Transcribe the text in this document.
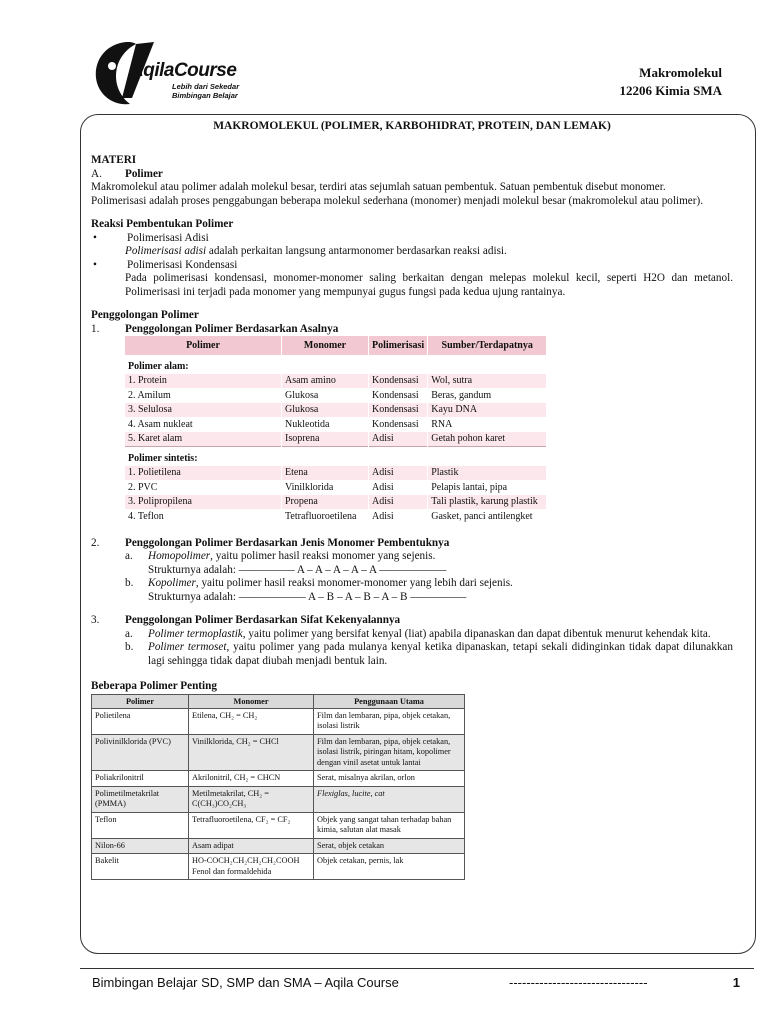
AqilaCourse
Lebih dari Sekedar
Bimbingan Belajar
Makromolekul
12206 Kimia SMA
MAKROMOLEKUL (POLIMER, KARBOHIDRAT, PROTEIN, DAN LEMAK)

MATERI

A.	Polimer

Makromolekul atau polimer adalah molekul besar, terdiri atas sejumlah satuan pembentuk. Satuan pembentuk disebut monomer.

Polimerisasi adalah proses penggabungan beberapa molekul sederhana (monomer) menjadi molekul besar (makromolekul atau polimer).

Reaksi Pembentukan Polimer

•	Polimerisasi Adisi

Polimerisasi adisi adalah perkaitan langsung antarmonomer berdasarkan reaksi adisi.

•	Polimerisasi Kondensasi

Pada polimerisasi kondensasi, monomer-monomer saling berkaitan dengan melepas molekul kecil, seperti H2O dan metanol. Polimerisasi ini terjadi pada monomer yang mempunyai gugus fungsi pada kedua ujung rantainya.

Penggolongan Polimer

1.	Penggolongan Polimer Berdasarkan Asalnya
Polimer	Monomer	Polimerisasi	Sumber/Terdapatnya
Polimer alam:			
1. Protein	Asam amino	Kondensasi	Wol, sutra
2. Amilum	Glukosa	Kondensasi	Beras, gandum
3. Selulosa	Glukosa	Kondensasi	Kayu DNA
4. Asam nukleat	Nukleotida	Kondensasi	RNA
5. Karet alam	Isoprena	Adisi	Getah pohon karet
Polimer sintetis:			
1. Polietilena	Etena	Adisi	Plastik
2. PVC	Vinilklorida	Adisi	Pelapis lantai, pipa
3. Polipropilena	Propena	Adisi	Tali plastik, karung plastik
4. Teflon	Tetrafluoroetilena	Adisi	Gasket, panci antilengket
2.	Penggolongan Polimer Berdasarkan Jenis Monomer Pembentuknya
a.	Homopolimer, yaitu polimer hasil reaksi monomer yang sejenis.

Strukturnya adalah: ————— A – A – A – A – A ——————

b.	Kopolimer, yaitu polimer hasil reaksi monomer-monomer yang lebih dari sejenis.

Strukturnya adalah: —————— A – B – A – B – A – B —————

3.	Penggolongan Polimer Berdasarkan Sifat Kekenyalannya
a.	Polimer termoplastik, yaitu polimer yang bersifat kenyal (liat) apabila dipanaskan dan dapat dibentuk menurut kehendak kita.

b.	Polimer termoset, yaitu polimer yang pada mulanya kenyal ketika dipanaskan, tetapi sekali didinginkan tidak dapat dilunakkan lagi sehingga tidak dapat diubah menjadi bentuk lain.

Beberapa Polimer Penting

Polimer	Monomer	Penggunaan Utama
Polietilena	Etilena, CH₂ = CH₂	Film dan lembaran, pipa, objek cetakan, isolasi listrik
Polivinilklorida (PVC)	Vinilklorida, CH₂ = CHCl	Film dan lembaran, pipa, objek cetakan, isolasi listrik, piringan hitam, kopolimer dengan vinil asetat untuk lantai
Poliakrilonitril	Akrilonitril, CH₂ = CHCN	Serat, misalnya akrilan, orlon
Polimetilmetakrilat (PMMA)	Metilmetakrilat, CH₂ = C(CH₃)CO₂CH₃	Flexiglas, lucite, cat
Teflon	Tetrafluoroetilena, CF₂ = CF₂	Objek yang sangat tahan terhadap bahan kimia, salutan alat masak
Nilon-66	Asam adipat	Serat, objek cetakan
Bakelit	HO-COCH₂CH₂CH₂CH₂COOH Fenol dan formaldehida	Objek cetakan, pernis, lak
Bimbingan Belajar SD, SMP dan SMA – Aqila Course	--------------------------------	1
